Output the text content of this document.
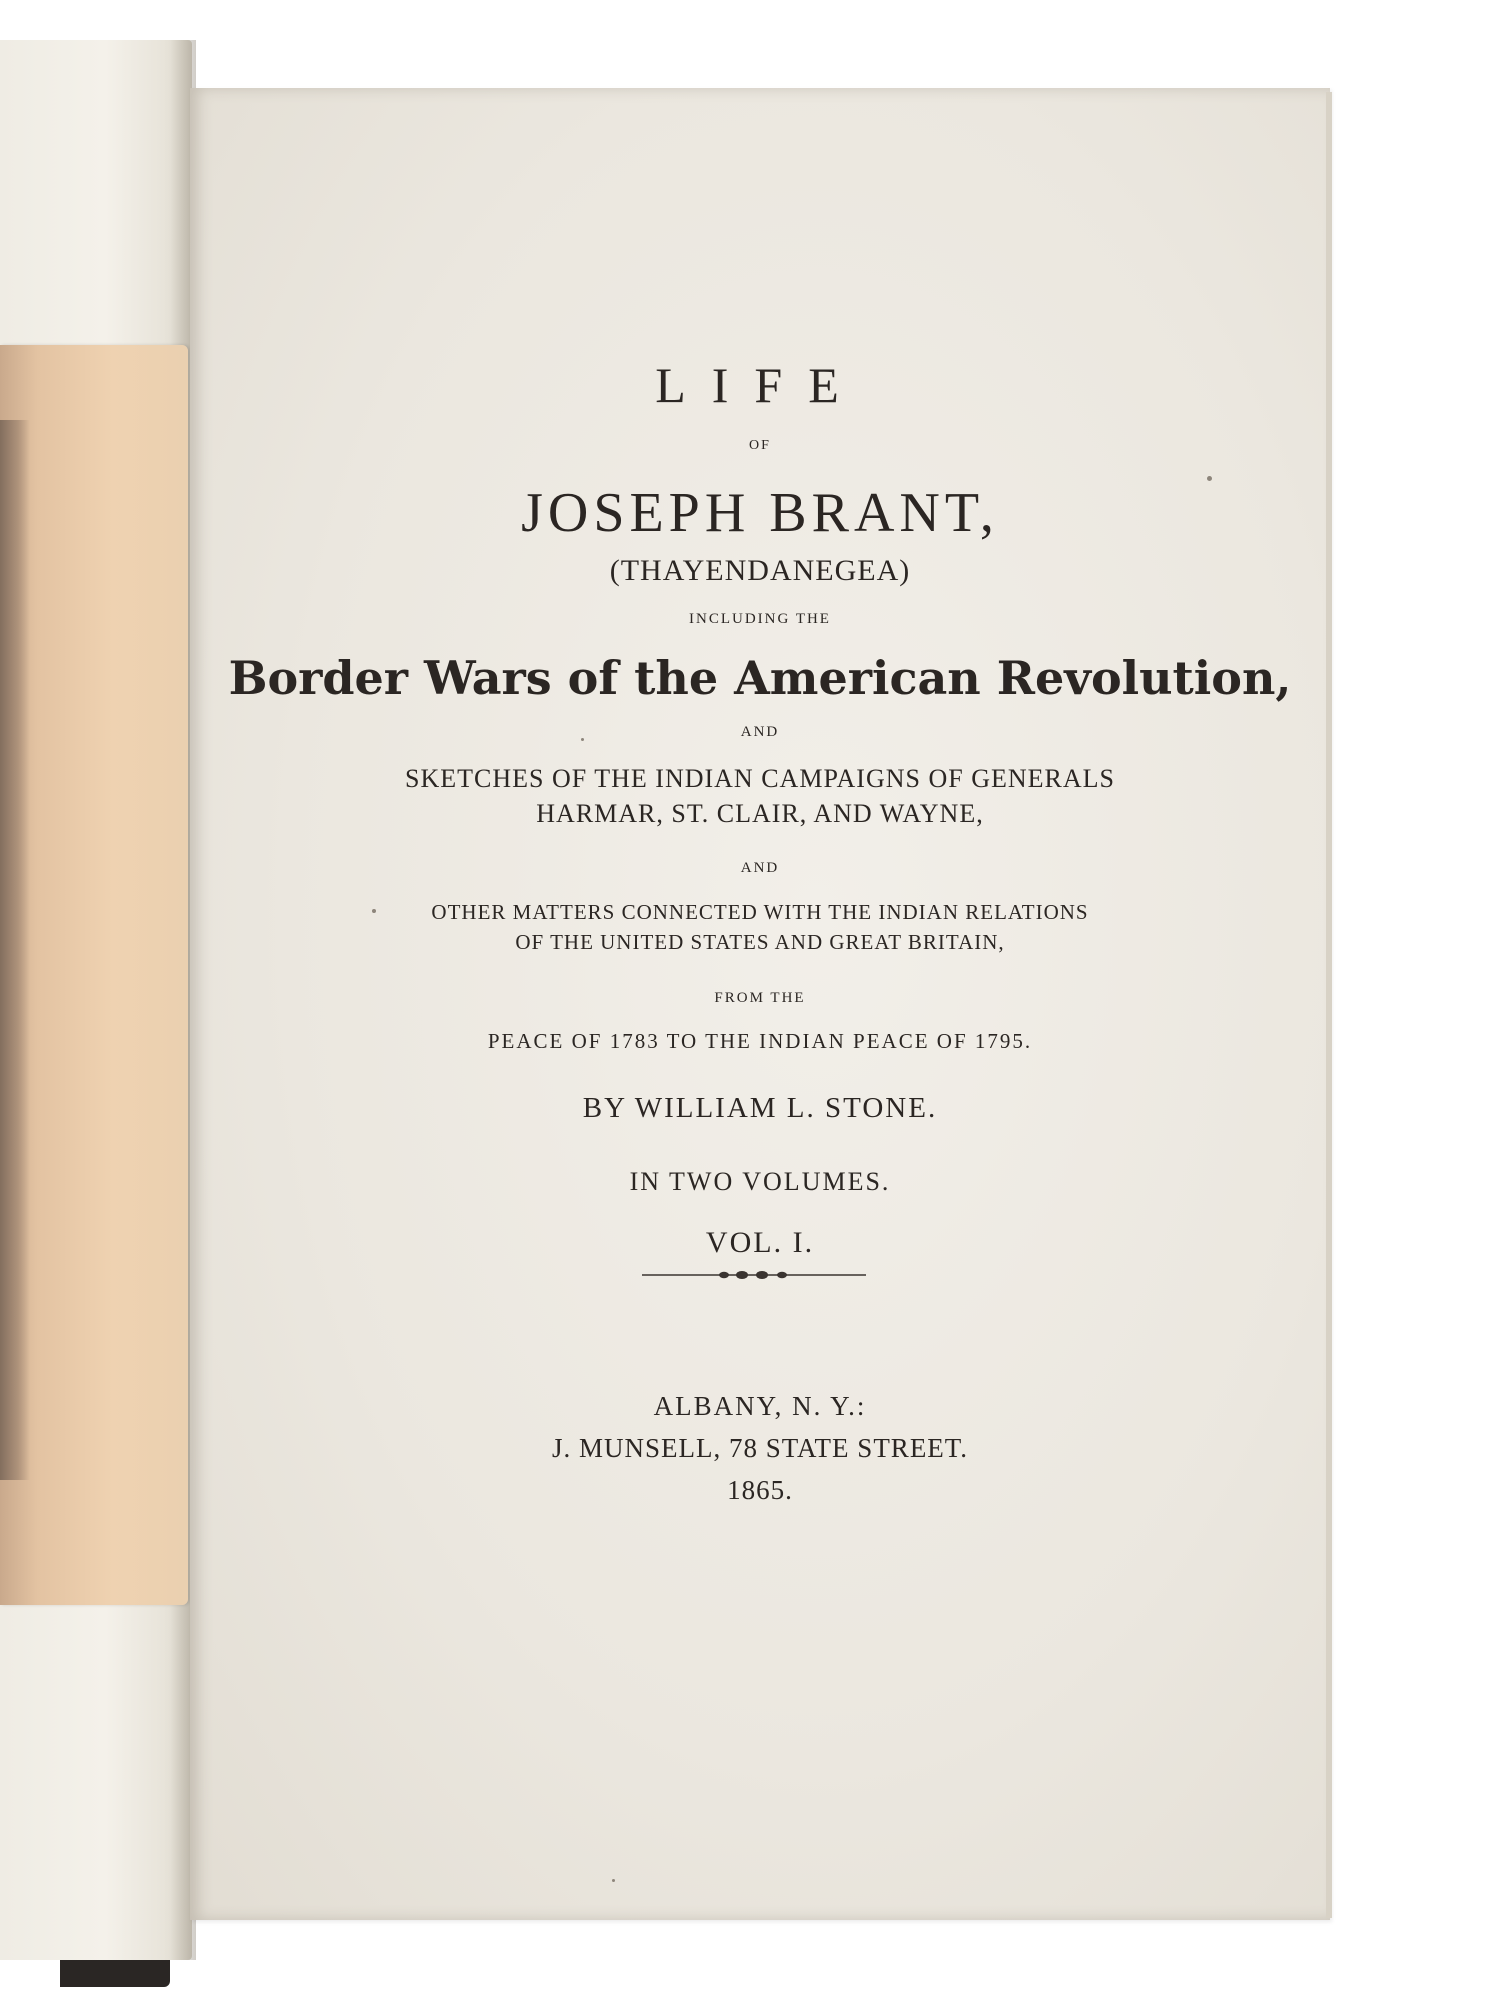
LIFE
OF
JOSEPH BRANT,
(THAYENDANEGEA)
INCLUDING THE
Border Wars of the American Revolution,
AND
SKETCHES OF THE INDIAN CAMPAIGNS OF GENERALS
HARMAR, ST. CLAIR, AND WAYNE,
AND
OTHER MATTERS CONNECTED WITH THE INDIAN RELATIONS
OF THE UNITED STATES AND GREAT BRITAIN,
FROM THE
PEACE OF 1783 TO THE INDIAN PEACE OF 1795.
BY WILLIAM L. STONE.
IN TWO VOLUMES.
VOL. I.
ALBANY, N. Y.:
J. MUNSELL, 78 STATE STREET.
1865.
